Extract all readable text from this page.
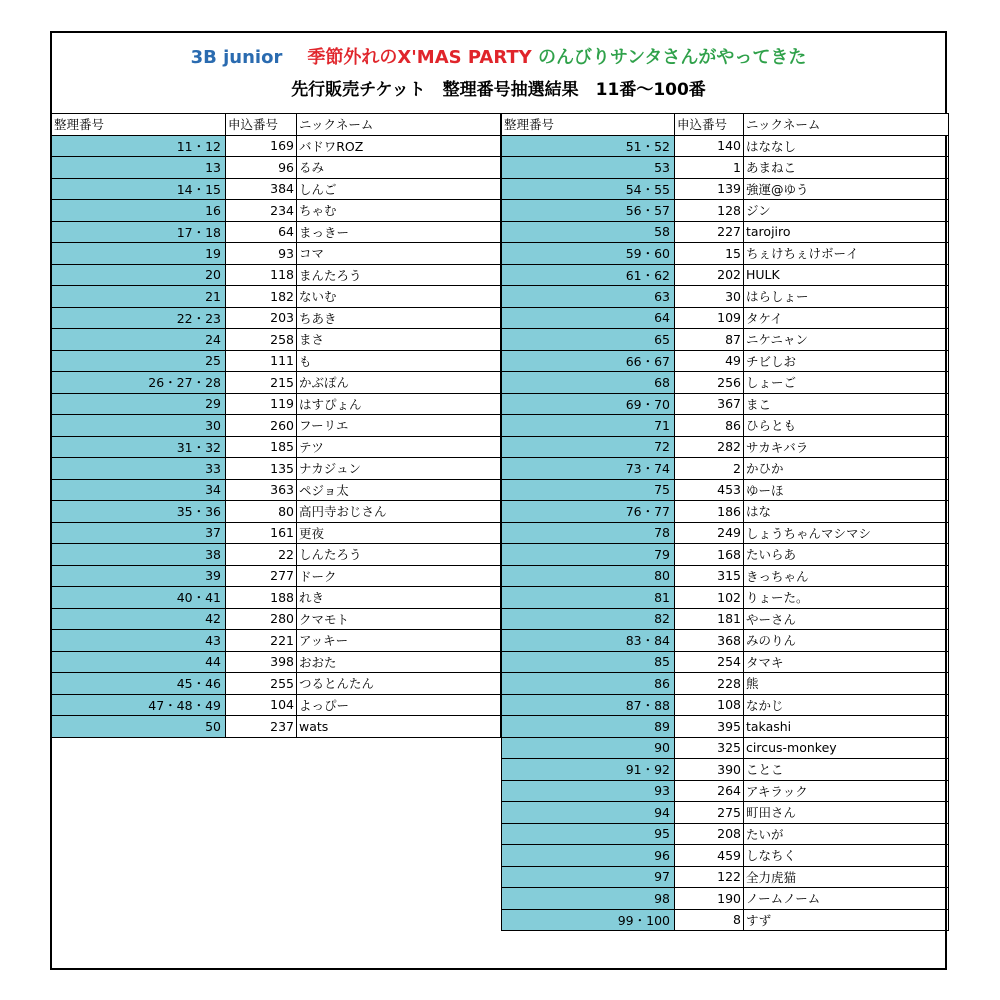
3B junior 季節外れのX'MAS PARTY のんびりサンタさんがやってきた
先行販売チケット　整理番号抽選結果　11番〜100番
整理番号	申込番号	ニックネーム
11・12	169	バドワROZ
13	96	るみ
14・15	384	しんご
16	234	ちゃむ
17・18	64	まっきー
19	93	コマ
20	118	まんたろう
21	182	ないむ
22・23	203	ちあき
24	258	まさ
25	111	も
26・27・28	215	かぶぽん
29	119	はすぴょん
30	260	フーリエ
31・32	185	テツ
33	135	ナカジュン
34	363	ペジョ太
35・36	80	高円寺おじさん
37	161	更夜
38	22	しんたろう
39	277	ドーク
40・41	188	れき
42	280	クマモト
43	221	アッキー
44	398	おおた
45・46	255	つるとんたん
47・48・49	104	よっぴー
50	237	wats
整理番号	申込番号	ニックネーム
51・52	140	はななし
53	1	あまねこ
54・55	139	強運@ゆう
56・57	128	ジン
58	227	tarojiro
59・60	15	ちぇけちぇけボーイ
61・62	202	HULK
63	30	はらしょー
64	109	タケイ
65	87	ニケニャン
66・67	49	チビしお
68	256	しょーご
69・70	367	まこ
71	86	ひらとも
72	282	サカキバラ
73・74	2	かひか
75	453	ゆーほ
76・77	186	はな
78	249	しょうちゃんマシマシ
79	168	たいらあ
80	315	きっちゃん
81	102	りょーた。
82	181	やーさん
83・84	368	みのりん
85	254	タマキ
86	228	熊
87・88	108	なかじ
89	395	takashi
90	325	circus-monkey
91・92	390	ことこ
93	264	アキラック
94	275	町田さん
95	208	たいが
96	459	しなちく
97	122	全力虎猫
98	190	ノームノーム
99・100	8	すず
